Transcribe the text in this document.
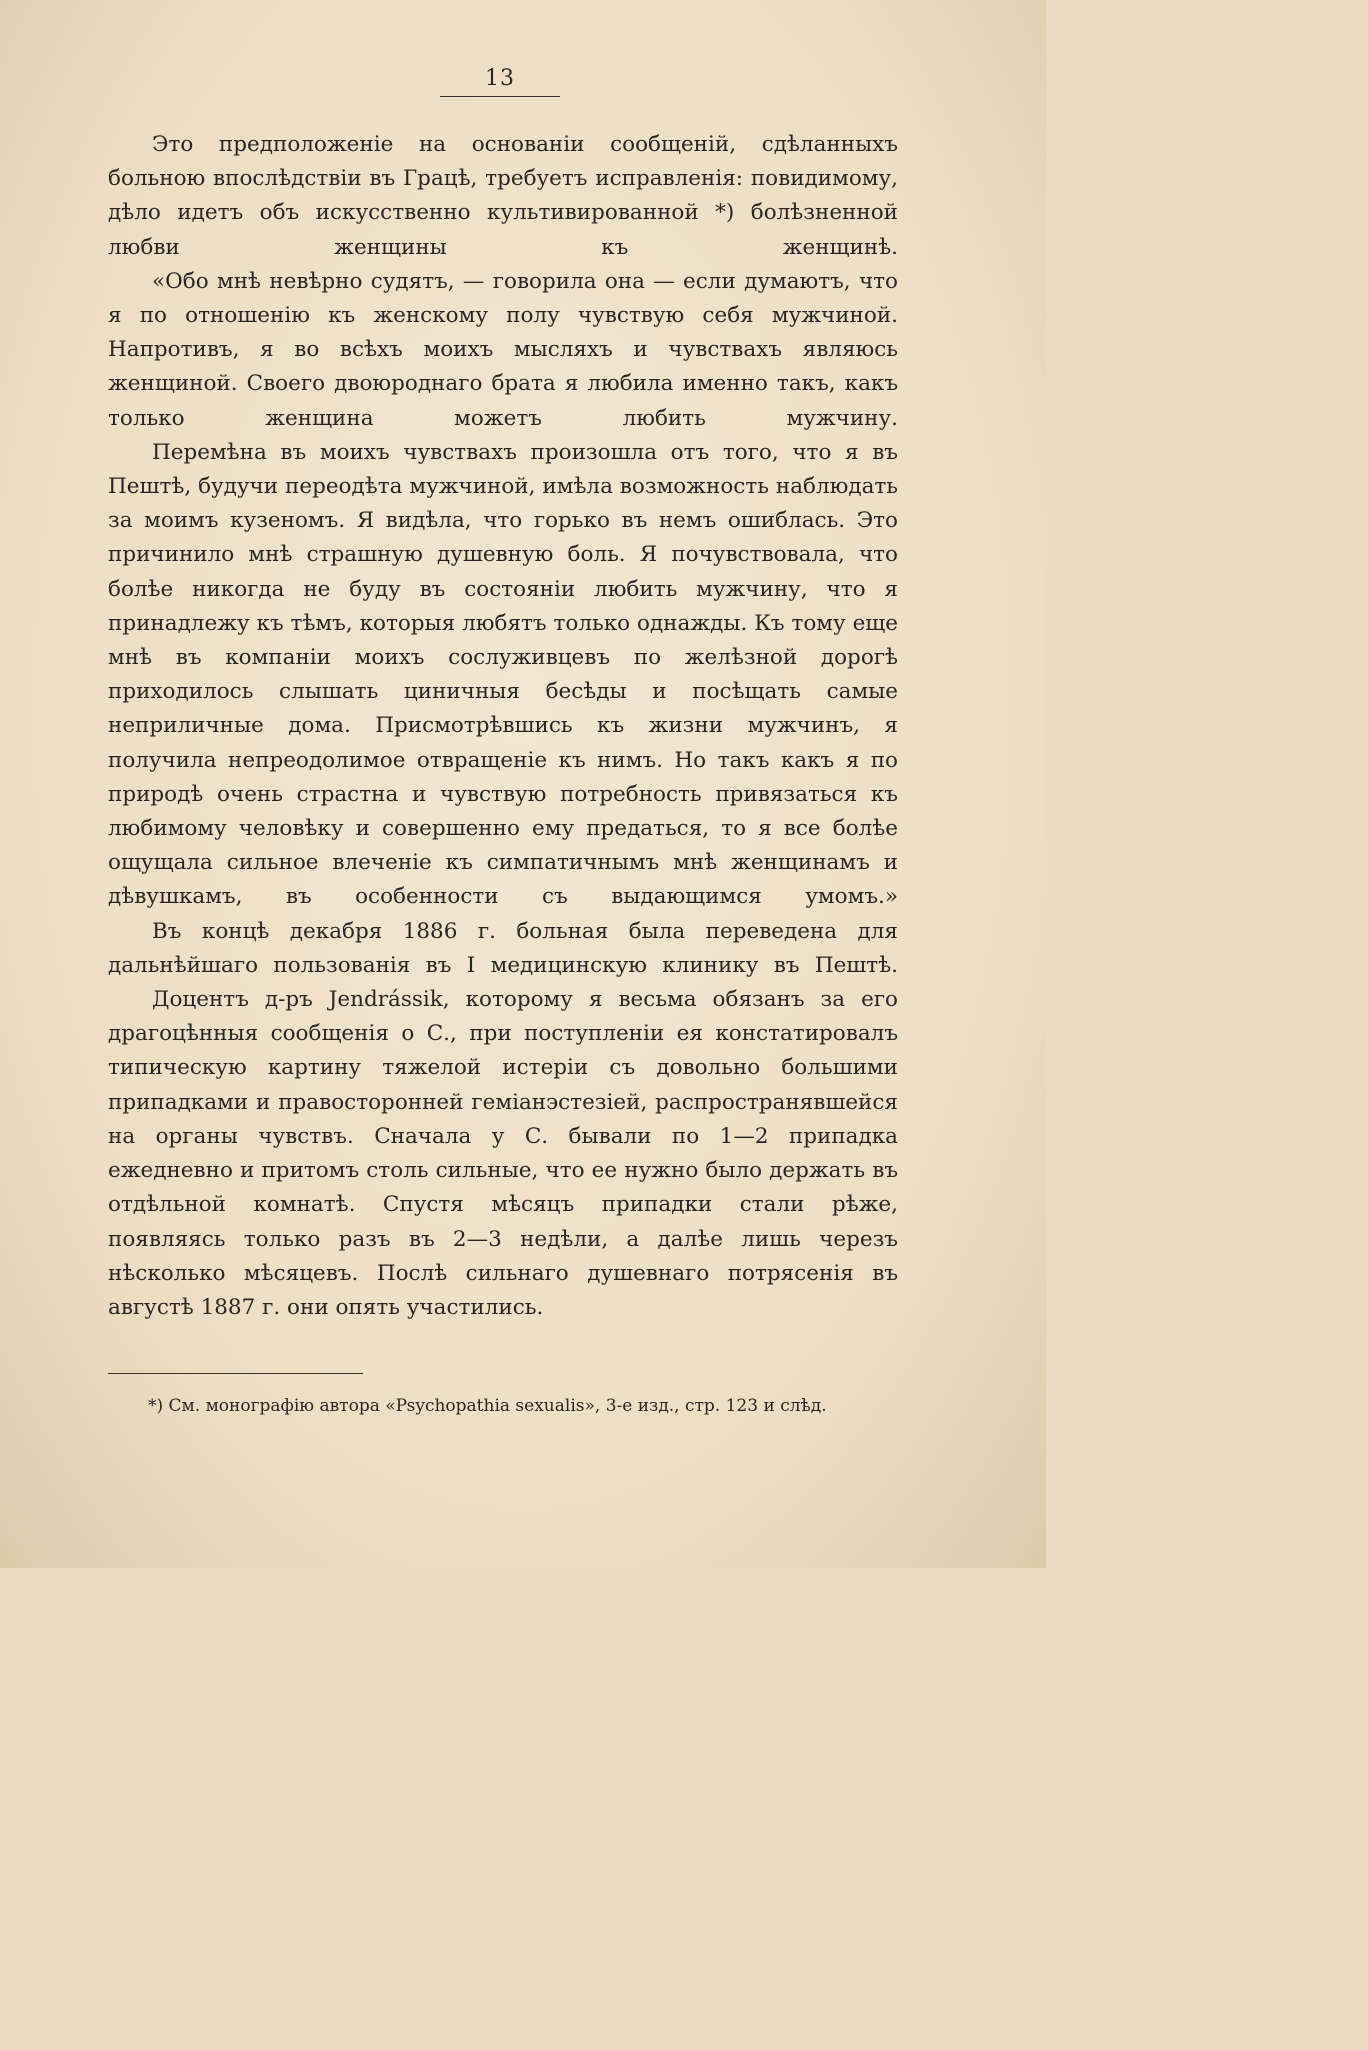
13

Это предположеніе на основаніи сообщеній, сдѣланныхъ больною впослѣдствіи въ Грацѣ, требуетъ исправленія: повидимому, дѣло идетъ объ искусственно культивированной *) болѣзненной любви женщины къ женщинѣ.

«Обо мнѣ невѣрно судятъ, — говорила она — если думаютъ, что я по отношенію къ женскому полу чувствую себя мужчиной. Напротивъ, я во всѣхъ моихъ мысляхъ и чувствахъ являюсь женщиной. Своего двоюроднаго брата я любила именно такъ, какъ только женщина можетъ любить мужчину.

Перемѣна въ моихъ чувствахъ произошла отъ того, что я въ Пештѣ, будучи переодѣта мужчиной, имѣла возможность наблюдать за моимъ кузеномъ. Я видѣла, что горько въ немъ ошиблась. Это причинило мнѣ страшную душевную боль. Я почувствовала, что болѣе никогда не буду въ состояніи любить мужчину, что я принадлежу къ тѣмъ, которыя любятъ только однажды. Къ тому еще мнѣ въ компаніи моихъ сослуживцевъ по желѣзной дорогѣ приходилось слышать циничныя бесѣды и посѣщать самые неприличные дома. Присмотрѣвшись къ жизни мужчинъ, я получила непреодолимое отвращеніе къ нимъ. Но такъ какъ я по природѣ очень страстна и чувствую потребность привязаться къ любимому человѣку и совершенно ему предаться, то я все болѣе ощущала сильное влеченіе къ симпатичнымъ мнѣ женщинамъ и дѣвушкамъ, въ особенности съ выдающимся умомъ.»

Въ концѣ декабря 1886 г. больная была переведена для дальнѣйшаго пользованія въ I медицинскую клинику въ Пештѣ.

Доцентъ д-ръ Jendrássik, которому я весьма обязанъ за его драгоцѣнныя сообщенія о С., при поступленіи ея констатировалъ типическую картину тяжелой истеріи съ довольно большими припадками и правосторонней геміанэстезіей, распространявшейся на органы чувствъ. Сначала у С. бывали по 1—2 припадка ежедневно и притомъ столь сильные, что ее нужно было держать въ отдѣльной комнатѣ. Спустя мѣсяцъ припадки стали рѣже, появляясь только разъ въ 2—3 недѣли, а далѣе лишь черезъ нѣсколько мѣсяцевъ. Послѣ сильнаго душевнаго потрясенія въ августѣ 1887 г. они опять участились.

*) См. монографію автора «Psychopathia sexualis», 3-е изд., стр. 123 и слѣд.
